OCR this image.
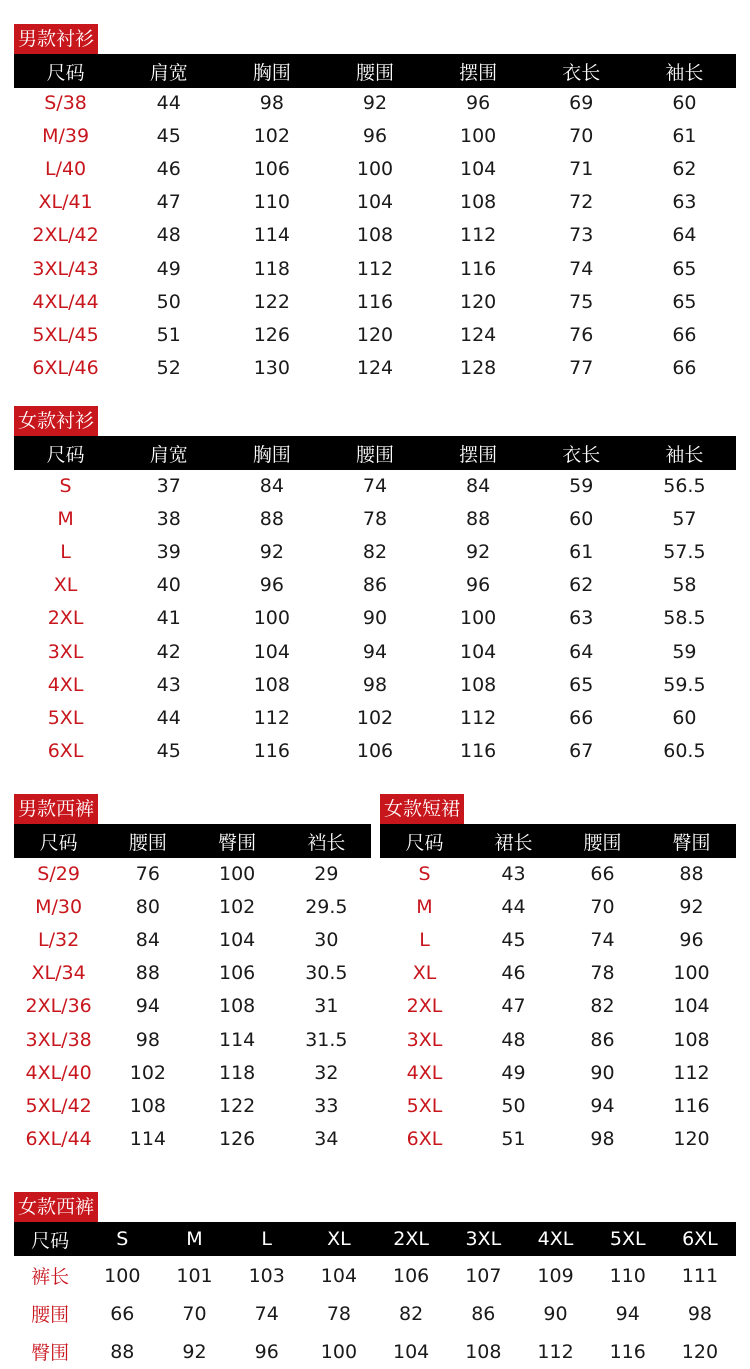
男款衬衫
尺码	肩宽	胸围	腰围	摆围	衣长	袖长
S/38	44	98	92	96	69	60
M/39	45	102	96	100	70	61
L/40	46	106	100	104	71	62
XL/41	47	110	104	108	72	63
2XL/42	48	114	108	112	73	64
3XL/43	49	118	112	116	74	65
4XL/44	50	122	116	120	75	65
5XL/45	51	126	120	124	76	66
6XL/46	52	130	124	128	77	66
女款衬衫
尺码	肩宽	胸围	腰围	摆围	衣长	袖长
S	37	84	74	84	59	56.5
M	38	88	78	88	60	57
L	39	92	82	92	61	57.5
XL	40	96	86	96	62	58
2XL	41	100	90	100	63	58.5
3XL	42	104	94	104	64	59
4XL	43	108	98	108	65	59.5
5XL	44	112	102	112	66	60
6XL	45	116	106	116	67	60.5
男款西裤
尺码	腰围	臀围	裆长
S/29	76	100	29
M/30	80	102	29.5
L/32	84	104	30
XL/34	88	106	30.5
2XL/36	94	108	31
3XL/38	98	114	31.5
4XL/40	102	118	32
5XL/42	108	122	33
6XL/44	114	126	34
女款短裙
尺码	裙长	腰围	臀围
S	43	66	88
M	44	70	92
L	45	74	96
XL	46	78	100
2XL	47	82	104
3XL	48	86	108
4XL	49	90	112
5XL	50	94	116
6XL	51	98	120
女款西裤
尺码	S	M	L	XL	2XL	3XL	4XL	5XL	6XL
裤长	100	101	103	104	106	107	109	110	111
腰围	66	70	74	78	82	86	90	94	98
臀围	88	92	96	100	104	108	112	116	120
